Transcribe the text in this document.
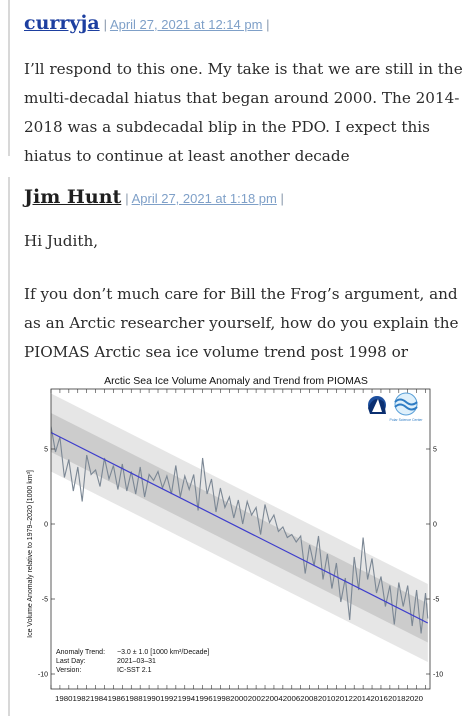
curryja | April 27, 2021 at 12:14 pm |
I’ll respond to this one. My take is that we are still in the multi-decadal hiatus that began around 2000. The 2014-2018 was a subdecadal blip in the PDO. I expect this hiatus to continue at least another decade
Jim Hunt | April 27, 2021 at 1:18 pm |
Hi Judith,
If you don’t much care for Bill the Frog’s argument, and as an Arctic researcher yourself, how do you explain the PIOMAS Arctic sea ice volume trend post 1998 or
Arctic Sea Ice Volume Anomaly and Trend from PIOMAS
Ice Volume Anomaly relative to 1979–2020 [1000 km³]
5	5
0	0
-5	-5
-10	-10
1980 1982 1984 1986 1988 1990 1992 1994 1996 1998 2000 2002 2004 2006 2008 2010 2012 2014 2016 2018 2020
Polar Science Center
Anomaly Trend: −3.0 ± 1.0 [1000 km³/Decade]
Last Day:	2021–03–31
Version:	IC-SST 2.1
